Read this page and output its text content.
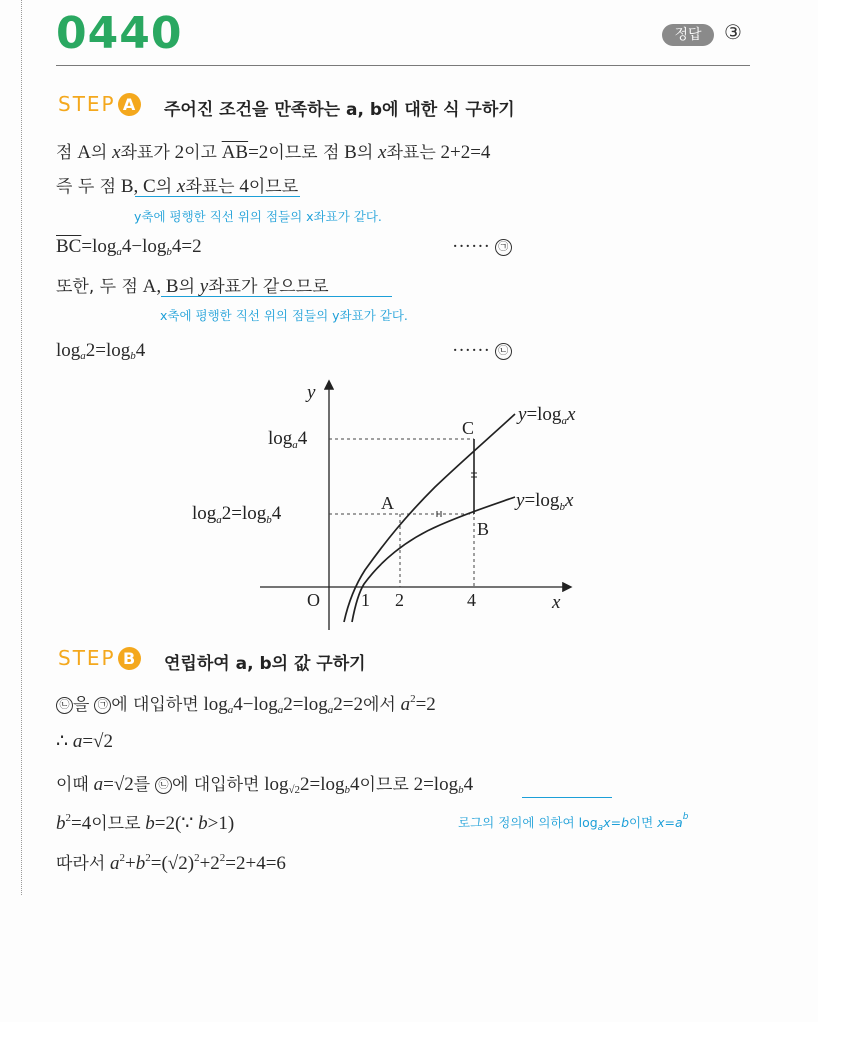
0440	정답	③
STEP A	주어진 조건을 만족하는 a, b에 대한 식 구하기
점 A의 x좌표가 2이고 $\overline{AB}=2$이므로 점 B의 x좌표는 2+2=4
즉 두 점 B, C의 x좌표는 4이므로
y축에 평행한 직선 위의 점들의 x좌표가 같다.
$\overline{BC}=\log_a4-\log_b4=2$	······ ㉠
또한, 두 점 A, B의 y좌표가 같으므로
x축에 평행한 직선 위의 점들의 y좌표가 같다.
$\log_a2=\log_b4$	······ ㉡
y
x
O 1 2	4
A
B
C
$y=\log_ax$
$y=\log_bx$
$\log_a4$
$\log_a2=\log_b4$
STEP B	연립하여 a, b의 값 구하기
㉡ 을 ㉠ 에 대입하면 $\log_a4-\log_a2=\log_a2=2$에서 $a^2=2$
∴ a=√2
이때 a=√2를 ㉡ 에 대입하면 $\log_{√2}2=\log_b4$이므로 $2=\log_b4$
$b^2=4$이므로 b=2(∵ b>1)	로그의 정의에 의하여 $\log_ax=b$이면 $x=a^b$
따라서 $a^2+b^2=(√2)^2+2^2=2+4=6$
